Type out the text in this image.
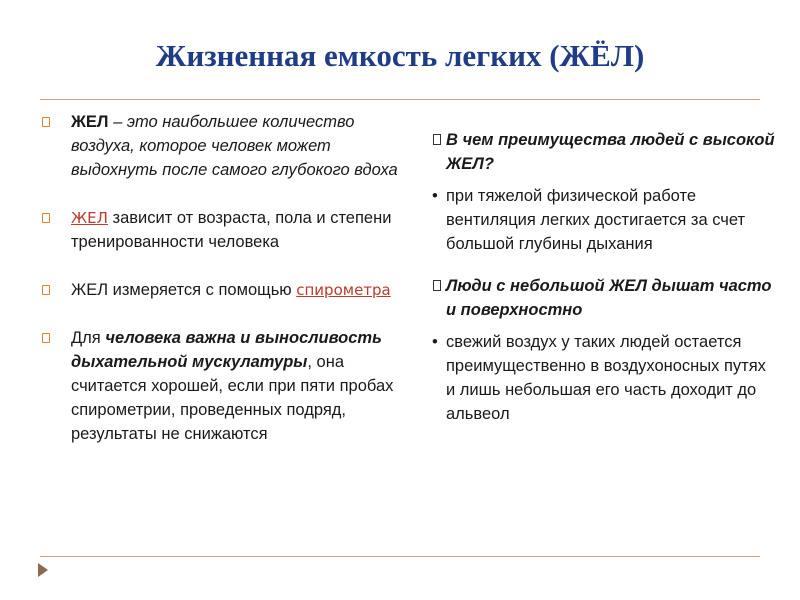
Жизненная емкость легких (ЖЁЛ)
ЖЕЛ – это наибольшее количество воздуха, которое человек может выдохнуть после самого глубокого вдоха
ЖЕЛ зависит от возраста, пола и степени тренированности человека
ЖЕЛ измеряется с помощью спирометра
Для человека важна и выносливость дыхательной мускулатуры, она считается хорошей, если при пяти пробах спирометрии, проведенных подряд, результаты не снижаются
В чем преимущества людей с высокой ЖЕЛ?
• при тяжелой физической работе вентиляция легких достигается за счет большой глубины дыхания
Люди с небольшой ЖЕЛ дышат часто и поверхностно
• свежий воздух у таких людей остается преимущественно в воздухоносных путях и лишь небольшая его часть доходит до альвеол
